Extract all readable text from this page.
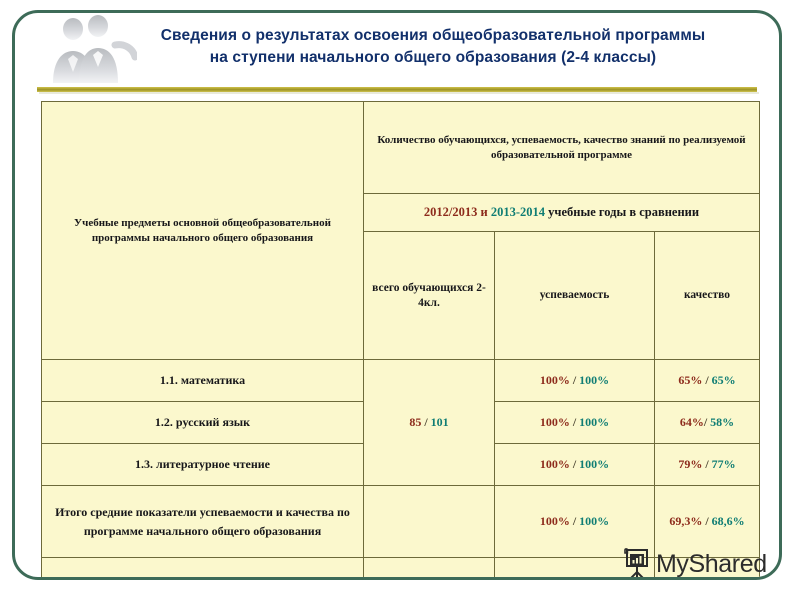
Сведения о результатах освоения общеобразовательной программы
на ступени начального общего образования (2-4 классы)
Учебные предметы основной общеобразовательной программы начального общего образования	Количество обучающихся, успеваемость, качество знаний по реализуемой образовательной программе		
	2012/2013 и 2013-2014 учебные годы в сравнении		
	всего обучающихся 2-4кл.	успеваемость	качество
1.1. математика	85 / 101	100% / 100%	65% / 65%
1.2. русский язык		100% / 100%	64%/ 58%
1.3. литературное чтение		100% / 100%	79% / 77%
Итого средние показатели успеваемости и качества по программе начального общего образования		100% / 100%	69,3% / 68,6%

MyShared
